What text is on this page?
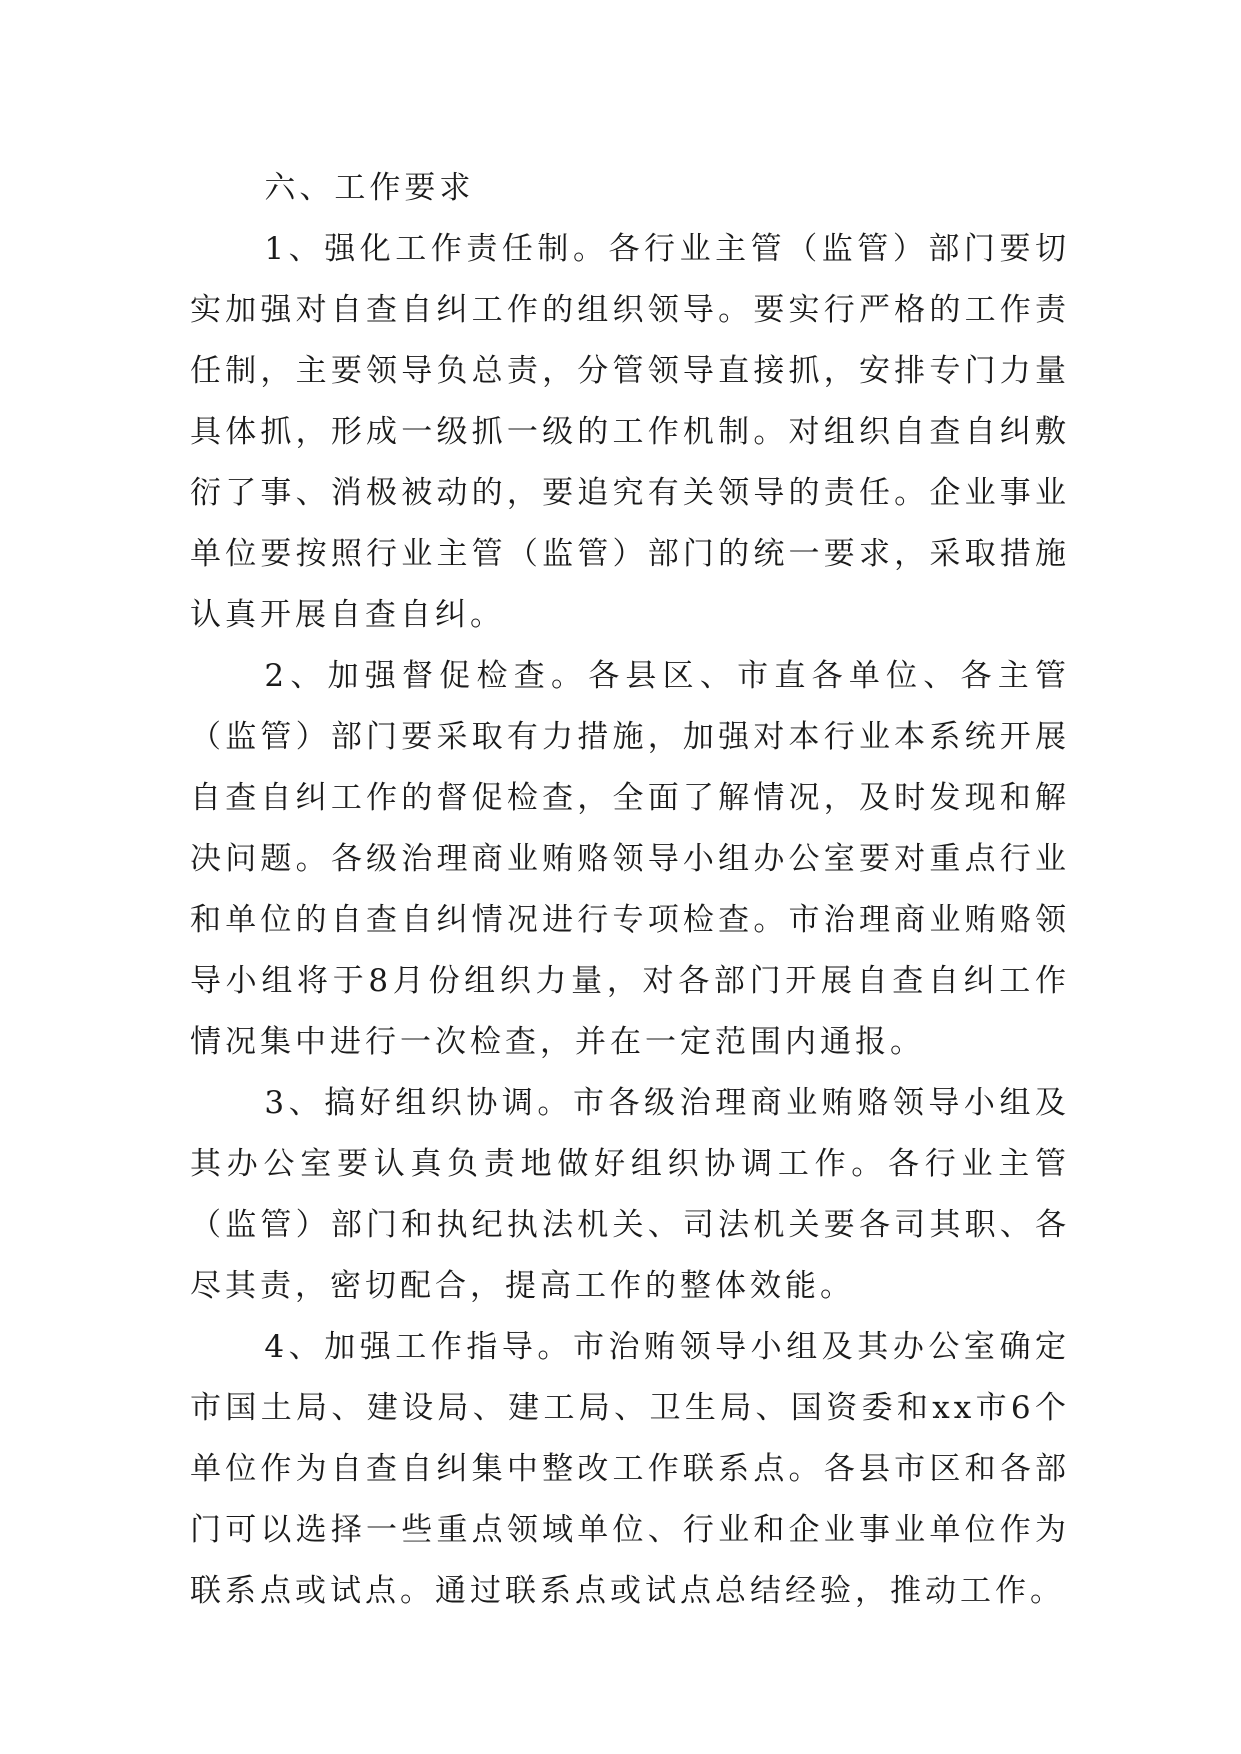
六、工作要求

1、强化工作责任制。各行业主管（监管）部门要切实加强对自查自纠工作的组织领导。要实行严格的工作责任制，主要领导负总责，分管领导直接抓，安排专门力量具体抓，形成一级抓一级的工作机制。对组织自查自纠敷衍了事、消极被动的，要追究有关领导的责任。企业事业单位要按照行业主管（监管）部门的统一要求，采取措施认真开展自查自纠。

2、加强督促检查。各县区、市直各单位、各主管（监管）部门要采取有力措施，加强对本行业本系统开展自查自纠工作的督促检查，全面了解情况，及时发现和解决问题。各级治理商业贿赂领导小组办公室要对重点行业和单位的自查自纠情况进行专项检查。市治理商业贿赂领导小组将于8月份组织力量，对各部门开展自查自纠工作情况集中进行一次检查，并在一定范围内通报。

3、搞好组织协调。市各级治理商业贿赂领导小组及其办公室要认真负责地做好组织协调工作。各行业主管（监管）部门和执纪执法机关、司法机关要各司其职、各尽其责，密切配合，提高工作的整体效能。

4、加强工作指导。市治贿领导小组及其办公室确定市国土局、建设局、建工局、卫生局、国资委和xx市6个单位作为自查自纠集中整改工作联系点。各县市区和各部门可以选择一些重点领域单位、行业和企业事业单位作为联系点或试点。通过联系点或试点总结经验，推动工作。
